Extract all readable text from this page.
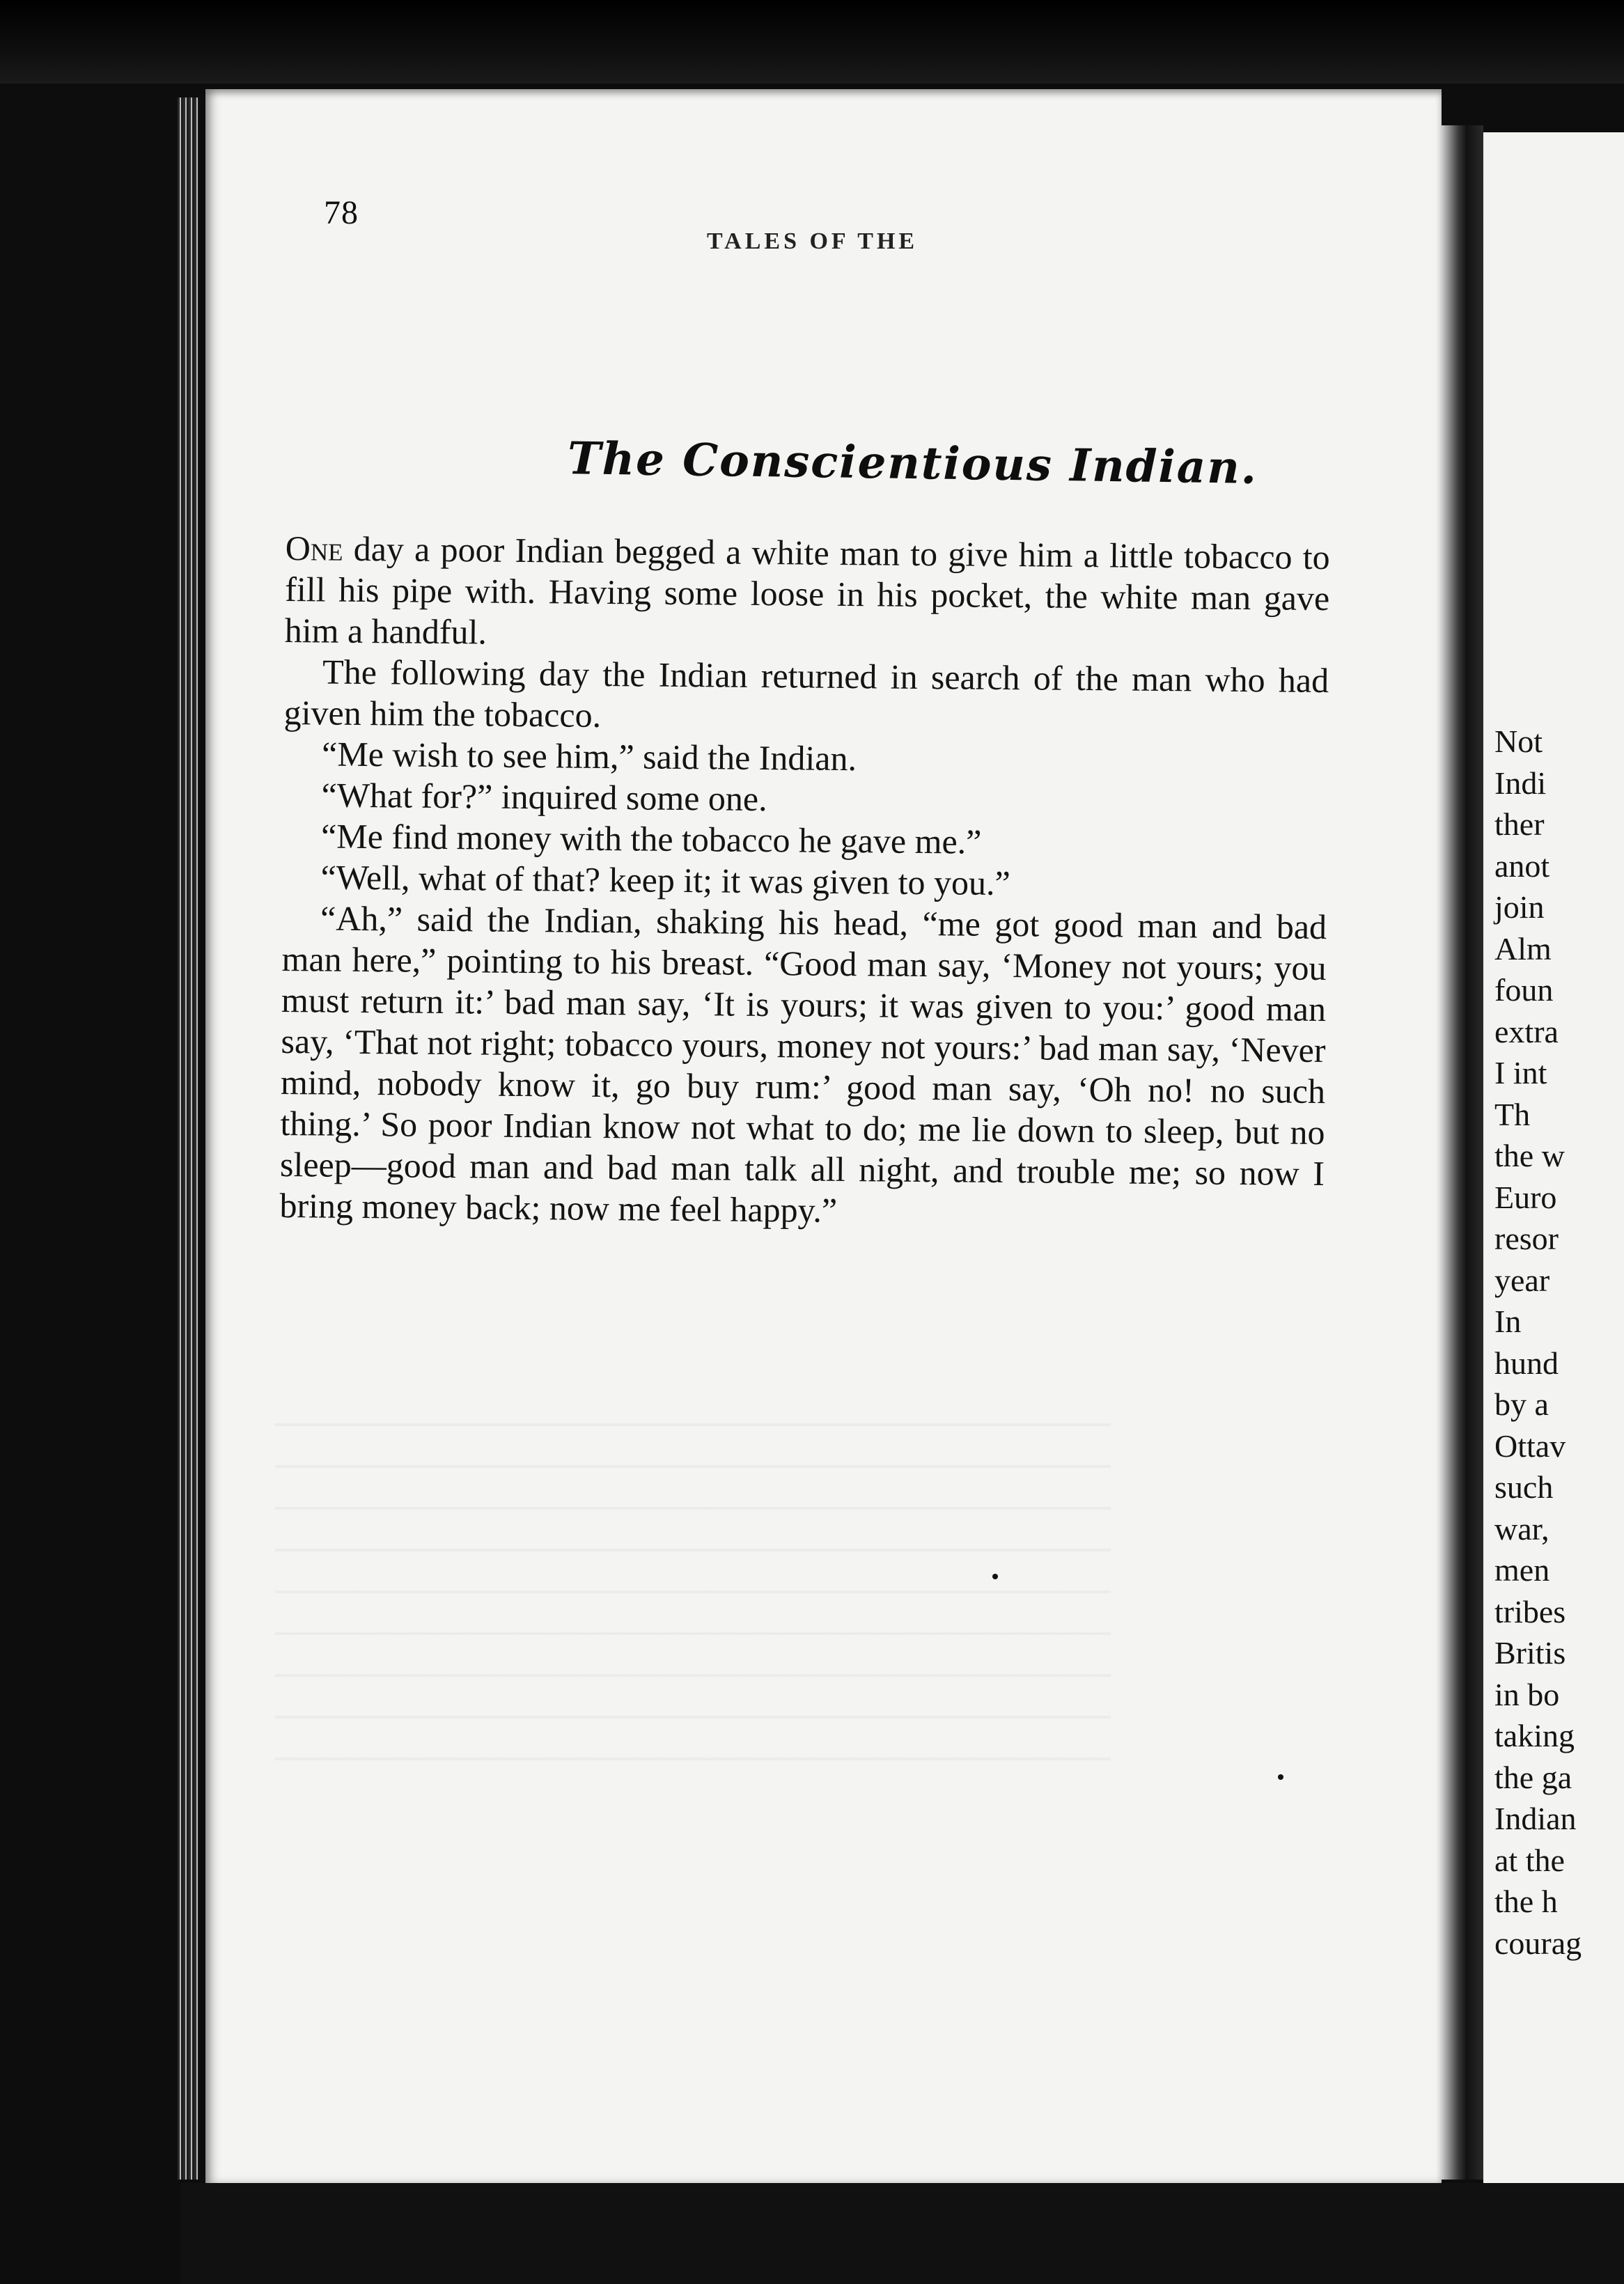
78
TALES OF THE
The Conscientious Indian.

One day a poor Indian begged a white man to give him a little tobacco to fill his pipe with. Having some loose in his pocket, the white man gave him a handful.

The following day the Indian returned in search of the man who had given him the tobacco.

“Me wish to see him,” said the Indian.

“What for?” inquired some one.

“Me find money with the tobacco he gave me.”

“Well, what of that? keep it; it was given to you.”

“Ah,” said the Indian, shaking his head, “me got good man and bad man here,” pointing to his breast. “Good man say, ‘Money not yours; you must return it:’ bad man say, ‘It is yours; it was given to you:’ good man say, ‘That not right; tobacco yours, money not yours:’ bad man say, ‘Never mind, nobody know it, go buy rum:’ good man say, ‘Oh no! no such thing.’ So poor Indian know not what to do; me lie down to sleep, but no sleep—good man and bad man talk all night, and trouble me; so now I bring money back; now me feel happy.”

Not
Indi
ther
anot
join
Alm
foun
extra
I int
Th
the w
Euro
resor
year
In
hund
by a
Ottav
such
war,
men
tribes
Britis
in bo
taking
the ga
Indian
at the
the h
courag
